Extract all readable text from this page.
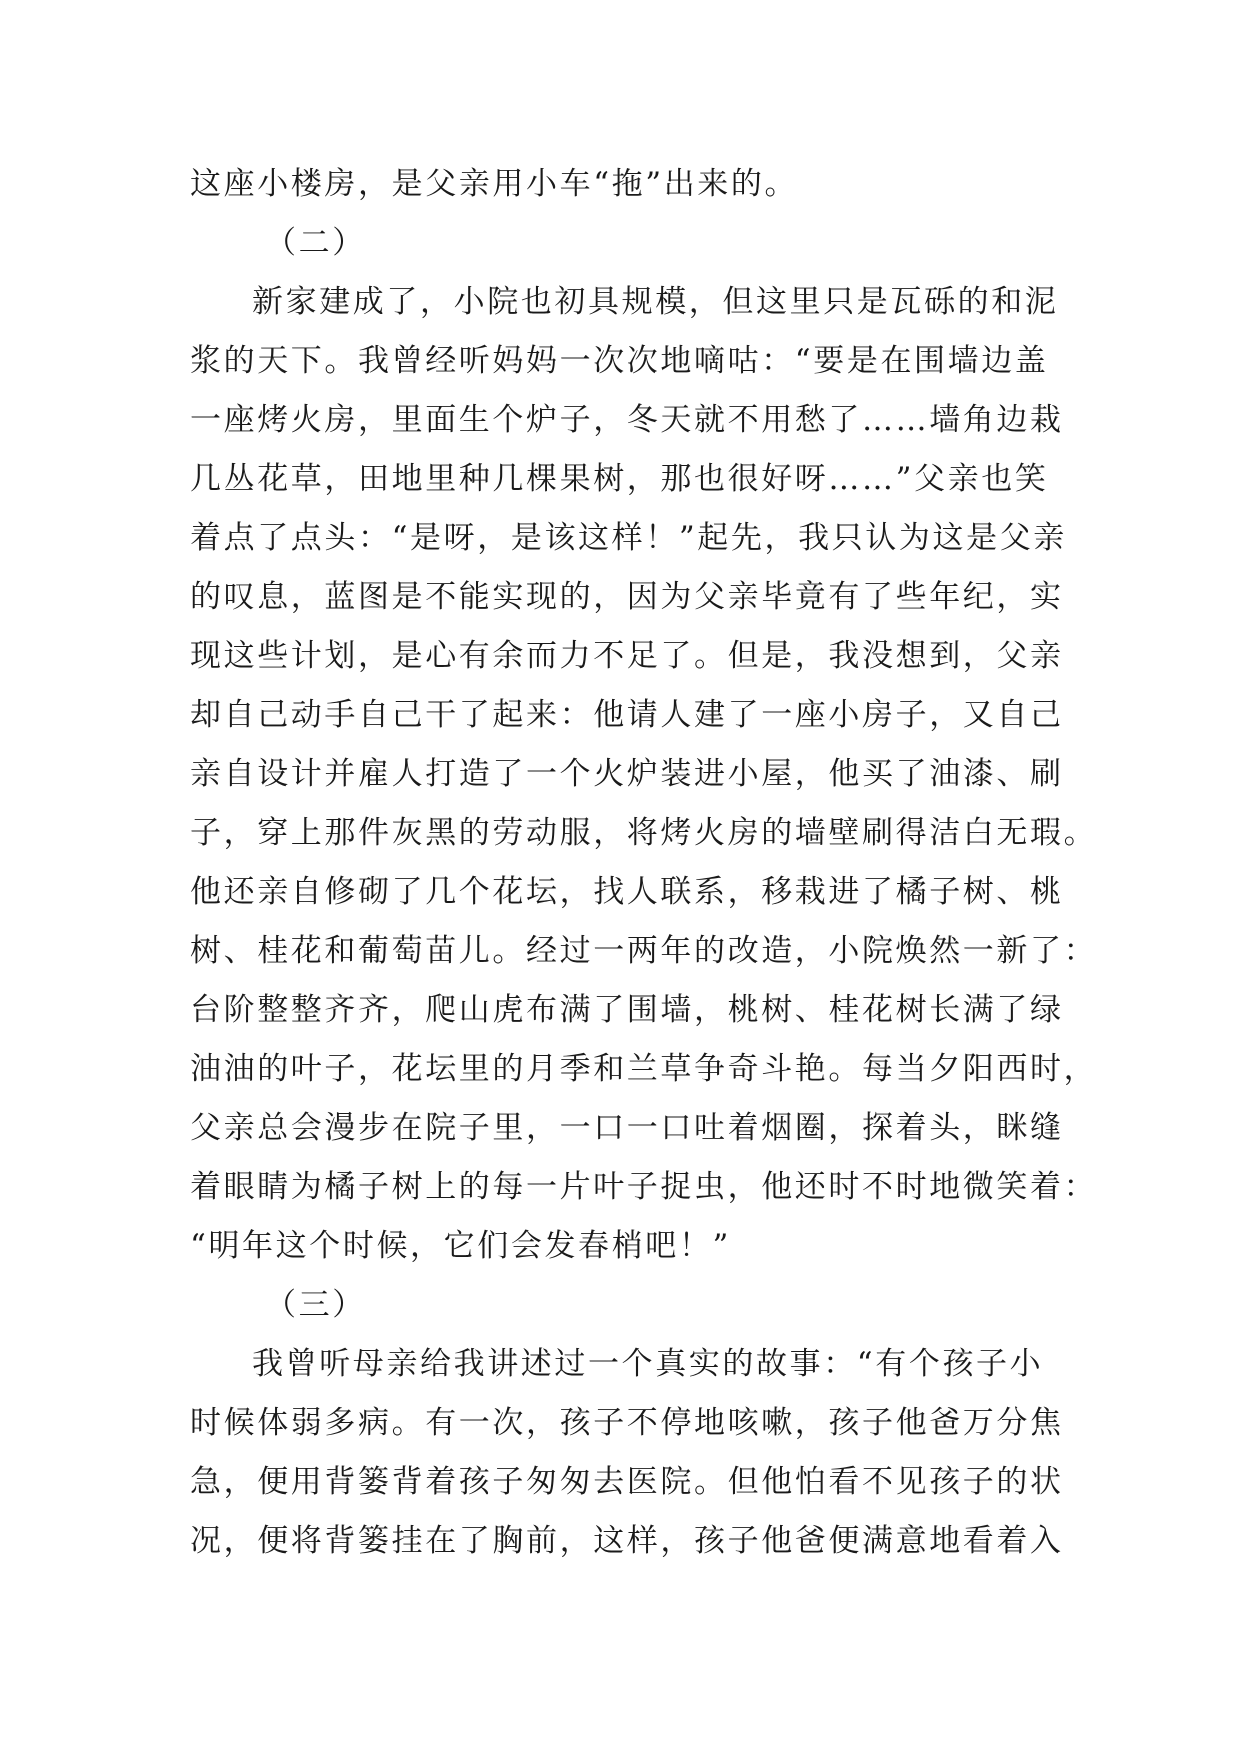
这座小楼房，是父亲用小车“拖”出来的。
（二）
新家建成了，小院也初具规模，但这里只是瓦砾的和泥
浆的天下。我曾经听妈妈一次次地嘀咕：“要是在围墙边盖
一座烤火房，里面生个炉子，冬天就不用愁了……墙角边栽
几丛花草，田地里种几棵果树，那也很好呀……”父亲也笑
着点了点头：“是呀，是该这样！”起先，我只认为这是父亲
的叹息，蓝图是不能实现的，因为父亲毕竟有了些年纪，实
现这些计划，是心有余而力不足了。但是，我没想到，父亲
却自己动手自己干了起来：他请人建了一座小房子，又自己
亲自设计并雇人打造了一个火炉装进小屋，他买了油漆、刷
子，穿上那件灰黑的劳动服，将烤火房的墙壁刷得洁白无瑕。
他还亲自修砌了几个花坛，找人联系，移栽进了橘子树、桃
树、桂花和葡萄苗儿。经过一两年的改造，小院焕然一新了：
台阶整整齐齐，爬山虎布满了围墙，桃树、桂花树长满了绿
油油的叶子，花坛里的月季和兰草争奇斗艳。每当夕阳西时，
父亲总会漫步在院子里，一口一口吐着烟圈，探着头，眯缝
着眼睛为橘子树上的每一片叶子捉虫，他还时不时地微笑着：
“明年这个时候，它们会发春梢吧！”
（三）
我曾听母亲给我讲述过一个真实的故事：“有个孩子小
时候体弱多病。有一次，孩子不停地咳嗽，孩子他爸万分焦
急，便用背篓背着孩子匆匆去医院。但他怕看不见孩子的状
况，便将背篓挂在了胸前，这样，孩子他爸便满意地看着入
